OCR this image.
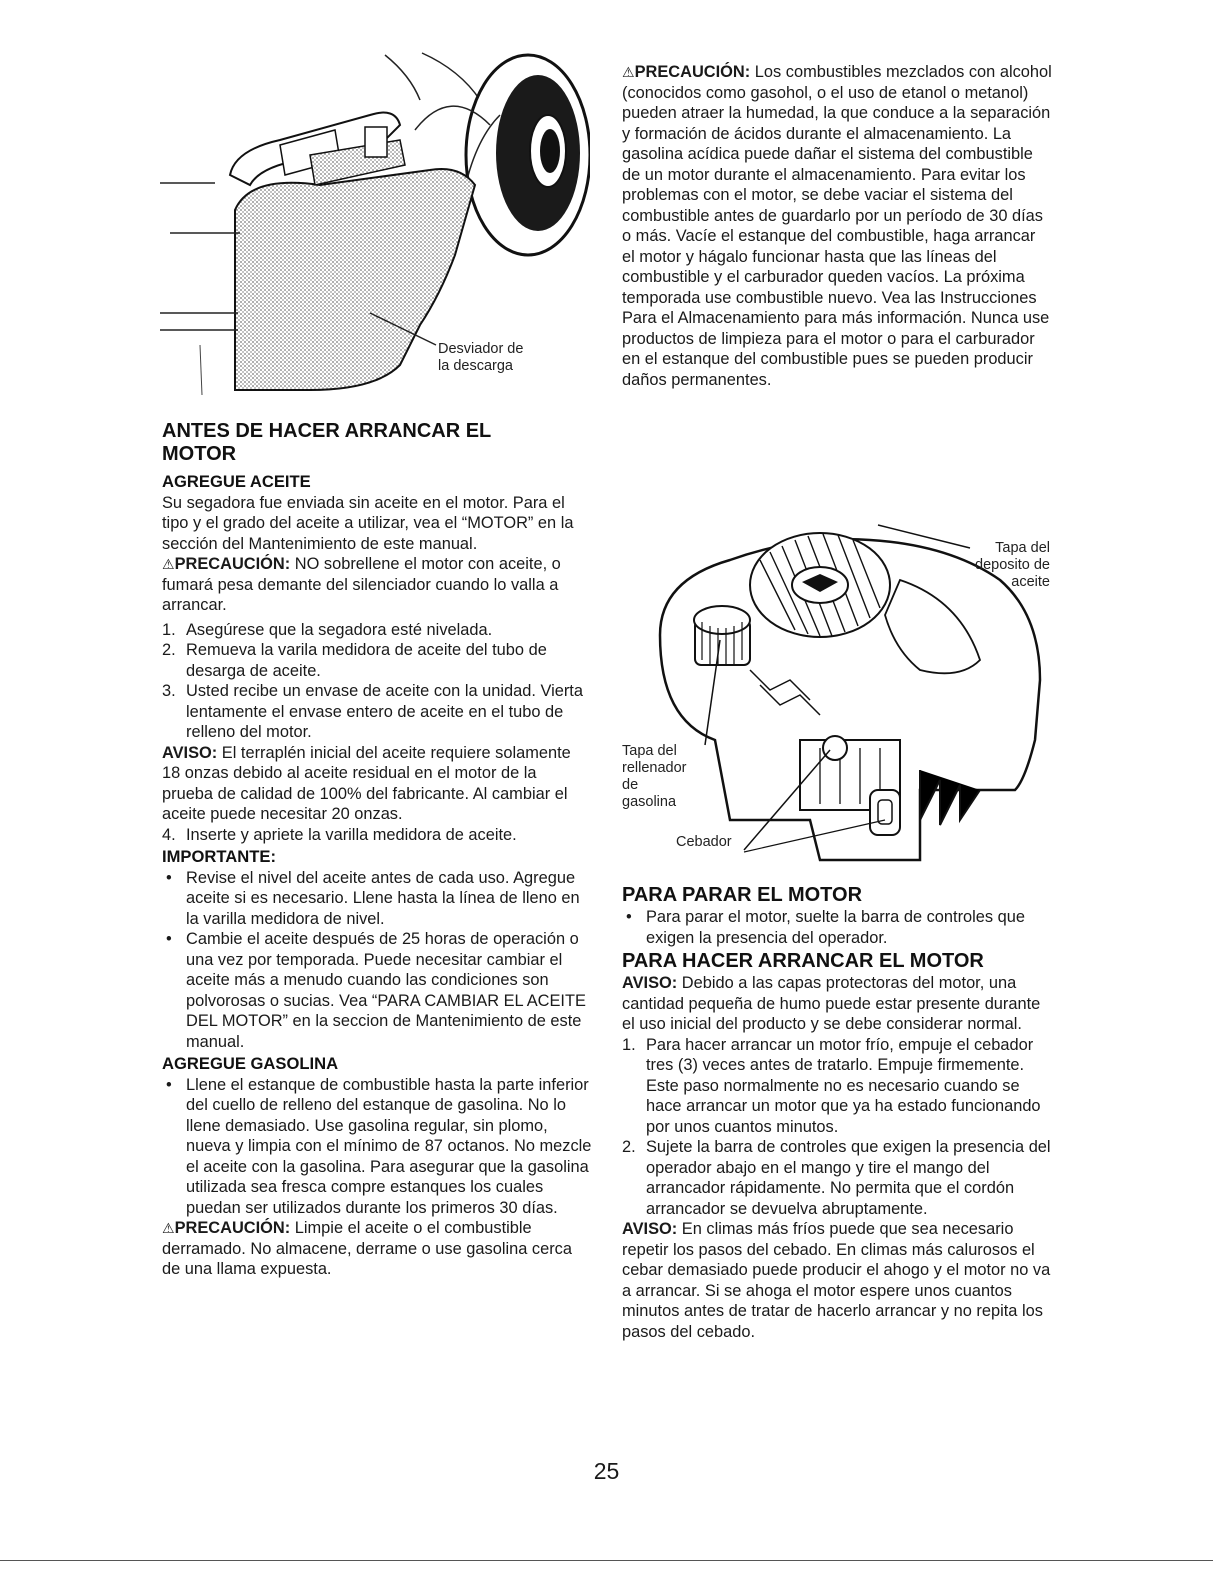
Desviador de
la descarga
ANTES DE HACER ARRANCAR EL MOTOR
AGREGUE ACEITE

Su segadora fue enviada sin aceite en el motor. Para el tipo y el grado del aceite a utilizar, vea el “MOTOR” en la sección del Mantenimiento de este manual.

⚠PRECAUCIÓN: NO sobrellene el motor con aceite, o fumará pesa demante del silenciador cuando lo valla a arrancar.

1. Asegúrese que la segadora esté nivelada.
2. Remueva la varila medidora de aceite del tubo de desarga de aceite.
3. Usted recibe un envase de aceite con la unidad. Vierta lentamente el envase entero de aceite en el tubo de relleno del motor.

AVISO: El terraplén inicial del aceite requiere solamente 18 onzas debido al aceite residual en el motor de la prueba de calidad de 100% del fabricante. Al cambiar el aceite puede necesitar 20 onzas.

4. Inserte y apriete la varilla medidora de aceite.
IMPORTANTE:
• Revise el nivel del aceite antes de cada uso. Agregue aceite si es necesario. Llene hasta la línea de lleno en la varilla medidora de nivel.
• Cambie el aceite después de 25 horas de operación o una vez por temporada. Puede necesitar cambiar el aceite más a menudo cuando las condiciones son polvorosas o sucias. Vea “PARA CAMBIAR EL ACEITE DEL MOTOR” en la seccion de Mantenimiento de este manual.
AGREGUE GASOLINA
• Llene el estanque de combustible hasta la parte inferior del cuello de relleno del estanque de gasolina. No lo llene demasiado. Use gasolina regular, sin plomo, nueva y limpia con el mínimo de 87 octanos. No mezcle el aceite con la gasolina. Para asegurar que la gasolina utilizada sea fresca compre estanques los cuales puedan ser utilizados durante los primeros 30 días.

⚠PRECAUCIÓN: Limpie el aceite o el combustible derramado. No almacene, derrame o use gasolina cerca de una llama expuesta.

⚠PRECAUCIÓN: Los combustibles mezclados con alcohol (conocidos como gasohol, o el uso de etanol o metanol) pueden atraer la humedad, la que conduce a la separación y formación de ácidos durante el almacenamiento. La gasolina acídica puede dañar el sistema del combustible de un motor durante el almacenamiento. Para evitar los problemas con el motor, se debe vaciar el sistema del combustible antes de guardarlo por un período de 30 días o más. Vacíe el estanque del combustible, haga arrancar el motor y hágalo funcionar hasta que las líneas del combustible y el carburador queden vacíos. La próxima temporada use combustible nuevo. Vea las Instrucciones Para el Almacenamiento para más información. Nunca use productos de limpieza para el motor o para el carburador en el estanque del combustible pues se pueden producir daños permanentes.

Tapa del
deposito de
aceite
Tapa del
rellenador
de
gasolina
Cebador
PARA PARAR EL MOTOR
• Para parar el motor, suelte la barra de controles que exigen la presencia del operador.
PARA HACER ARRANCAR EL MOTOR

AVISO: Debido a las capas protectoras del motor, una cantidad pequeña de humo puede estar presente durante el uso inicial del producto y se debe considerar normal.

1. Para hacer arrancar un motor frío, empuje el cebador tres (3) veces antes de tratarlo. Empuje firmemente. Este paso normalmente no es necesario cuando se hace arrancar un motor que ya ha estado funcionando por unos cuantos minutos.
2. Sujete la barra de controles que exigen la presencia del operador abajo en el mango y tire el mango del arrancador rápidamente. No permita que el cordón arrancador se devuelva abruptamente.

AVISO: En climas más fríos puede que sea necesario repetir los pasos del cebado. En climas más calurosos el cebar demasiado puede producir el ahogo y el motor no va a arrancar. Si se ahoga el motor espere unos cuantos minutos antes de tratar de hacerlo arrancar y no repita los pasos del cebado.

25
